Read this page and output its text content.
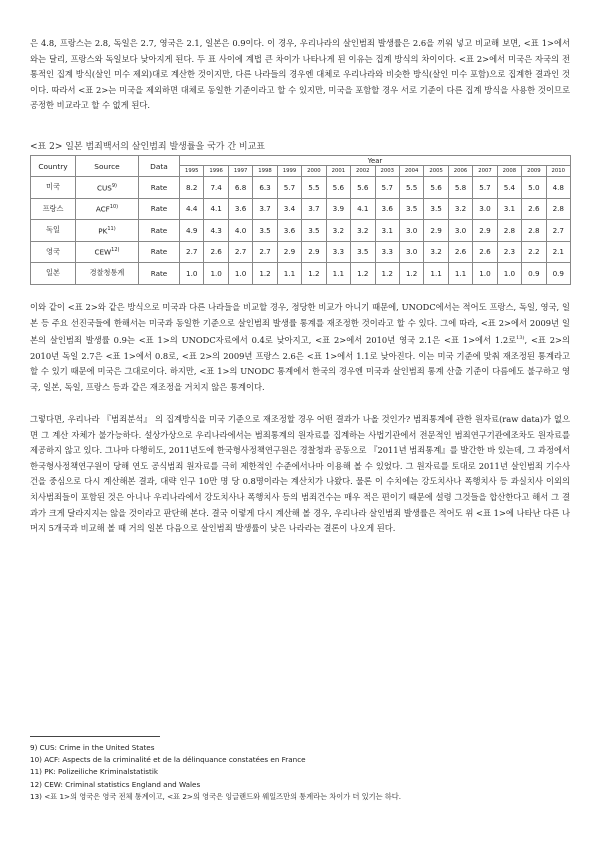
은 4.8, 프랑스는 2.8, 독일은 2.7, 영국은 2.1, 일본은 0.9이다. 이 경우, 우리나라의 살인범죄 발생률은 2.6을 끼워 넣고 비교해 보면, <표 1>에서와는 달리, 프랑스와 독일보다 낮아지게 된다. 두 표 사이에 계법 큰 차이가 나타나게 된 이유는 집계 방식의 차이이다. <표 2>에서 미국은 자국의 전통적인 집계 방식(살인 미수 제외)대로 계산한 것이지만, 다른 나라들의 경우엔 대체로 우리나라와 비슷한 방식(살인 미수 포함)으로 집계한 결과인 것이다. 따라서 <표 2>는 미국을 제외하면 대체로 동일한 기준이라고 할 수 있지만, 미국을 포함할 경우 서로 기준이 다른 집계 방식을 사용한 것이므로 공정한 비교라고 할 수 없게 된다.

<표 2> 일본 범죄백서의 살인범죄 발생률을 국가 간 비교표
Country	Source	Data	Year															
			1995	1996	1997	1998	1999	2000	2001	2002	2003	2004	2005	2006	2007	2008	2009	2010
미국	CUS$^{9)}$	Rate	8.2	7.4	6.8	6.3	5.7	5.5	5.6	5.6	5.7	5.5	5.6	5.8	5.7	5.4	5.0	4.8
프랑스	ACF$^{10)}$	Rate	4.4	4.1	3.6	3.7	3.4	3.7	3.9	4.1	3.6	3.5	3.5	3.2	3.0	3.1	2.6	2.8
독일	PK$^{11)}$	Rate	4.9	4.3	4.0	3.5	3.6	3.5	3.2	3.2	3.1	3.0	2.9	3.0	2.9	2.8	2.8	2.7
영국	CEW$^{12)}$	Rate	2.7	2.6	2.7	2.7	2.9	2.9	3.3	3.5	3.3	3.0	3.2	2.6	2.6	2.3	2.2	2.1
일본	경찰청통계	Rate	1.0	1.0	1.0	1.2	1.1	1.2	1.1	1.2	1.2	1.2	1.1	1.1	1.0	1.0	0.9	0.9

이와 같이 <표 2>와 같은 방식으로 미국과 다른 나라들을 비교할 경우, 정당한 비교가 아니기 때문에, UNODC에서는 적어도 프랑스, 독일, 영국, 일본 등 주요 선진국들에 한해서는 미국과 동일한 기준으로 살인범죄 발생률 통계를 재조정한 것이라고 할 수 있다. 그에 따라, <표 2>에서 2009년 일본의 살인범죄 발생률 0.9는 <표 1>의 UNODC자료에서 0.4로 낮아지고, <표 2>에서 2010년 영국 2.1은 <표 1>에서 1.2로$^{13)}$, <표 2>의 2010년 독일 2.7은 <표 1>에서 0.8로, <표 2>의 2009년 프랑스 2.6은 <표 1>에서 1.1로 낮아진다. 이는 미국 기준에 맞춰 재조정된 통계라고 할 수 있기 때문에 미국은 그대로이다. 하지만, <표 1>의 UNODC 통계에서 한국의 경우엔 미국과 살인범죄 통계 산출 기준이 다름에도 불구하고 영국, 일본, 독일, 프랑스 등과 같은 재조정을 거치지 않은 통계이다.

그렇다면, 우리나라 『범죄분석』 의 집계방식을 미국 기준으로 재조정할 경우 어떤 결과가 나올 것인가? 범죄통계에 관한 원자료(raw data)가 없으면 그 계산 자체가 불가능하다. 설상가상으로 우리나라에서는 범죄통계의 원자료를 집계하는 사법기관에서 전문적인 범죄연구기관에조차도 원자료를 제공하지 않고 있다. 그나마 다행히도, 2011년도에 한국형사정책연구원은 경찰청과 공동으로 『2011년 범죄통계』를 발간한 바 있는데, 그 과정에서 한국형사정책연구원이 당해 연도 공식범죄 원자료를 극히 제한적인 수준에서나마 이용해 볼 수 있었다. 그 원자료를 토대로 2011년 살인범죄 기수사건을 중심으로 다시 계산해본 결과, 대략 인구 10만 명 당 0.8명이라는 계산치가 나왔다. 물론 이 수치에는 강도치사나 폭행치사 등 과실치사 이외의 치사범죄들이 포함된 것은 아니나 우리나라에서 강도치사나 폭행치사 등의 범죄건수는 매우 적은 편이기 때문에 설령 그것들을 합산한다고 해서 그 결과가 크게 달라지지는 않을 것이라고 판단해 본다. 결국 이렇게 다시 계산해 볼 경우, 우리나라 살인범죄 발생률은 적어도 위 <표 1>에 나타난 다른 나머지 5개국과 비교해 볼 때 거의 일본 다음으로 살인범죄 발생률이 낮은 나라라는 결론이 나오게 된다.

9) CUS: Crime in the United States
10) ACF: Aspects de la criminalité et de la délinquance constatées en France
11) PK: Polizeiliche Kriminalstatistik
12) CEW: Criminal statistics England and Wales
13) <표 1>의 영국은 영국 전체 통계이고, <표 2>의 영국은 잉글랜드와 웨일즈만의 통계라는 차이가 더 있기는 하다.
